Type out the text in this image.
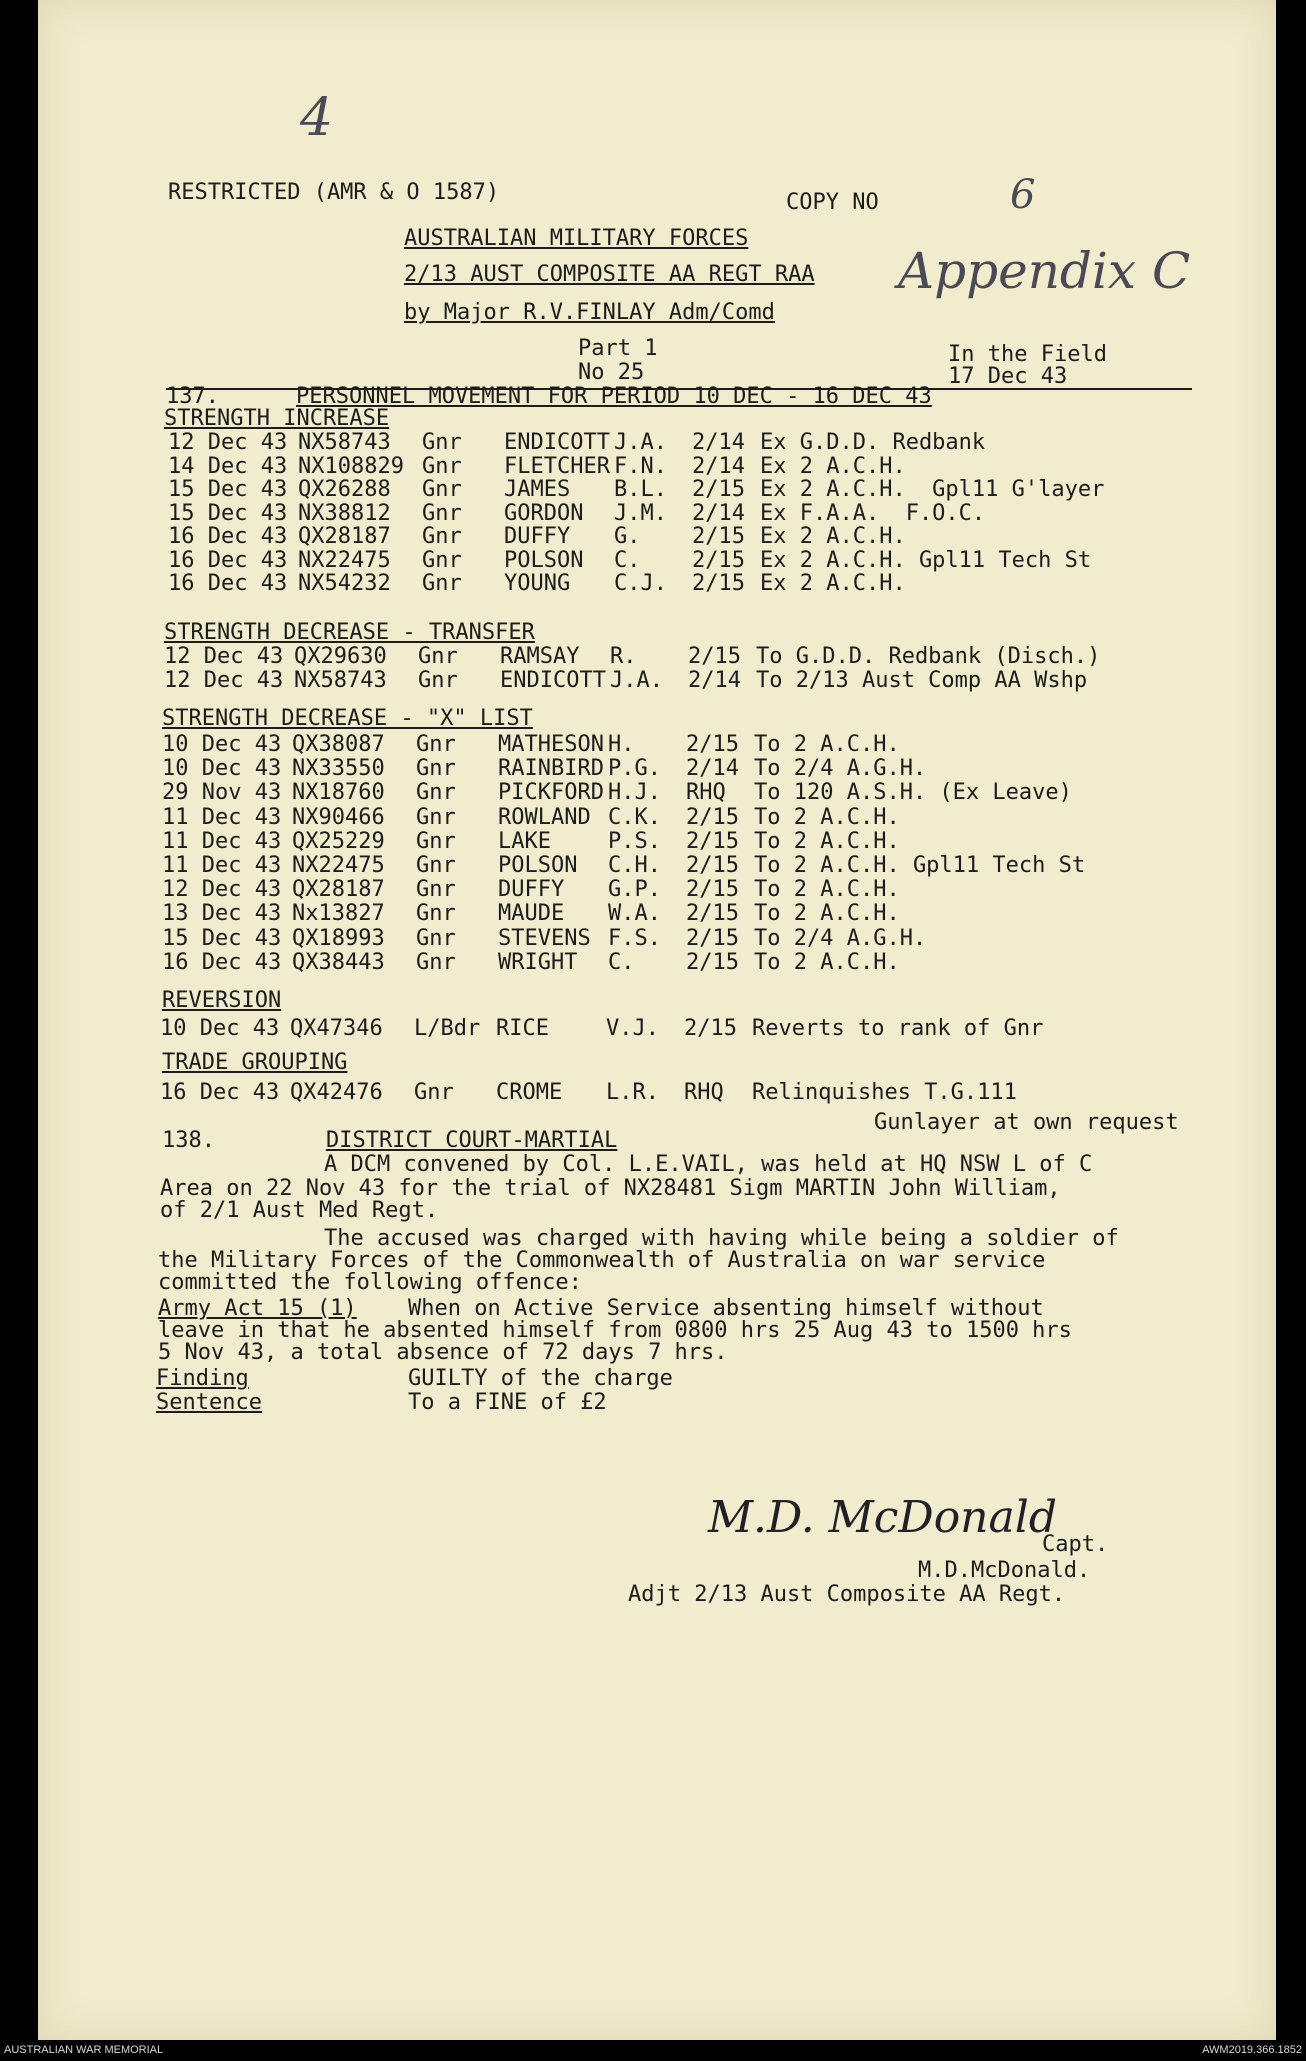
4
RESTRICTED (AMR & O 1587)	COPY NO	6
Appendix C
AUSTRALIAN MILITARY FORCES
2/13 AUST COMPOSITE AA REGT RAA
by Major R.V.FINLAY Adm/Comd
Part 1
No 25
In the Field
17 Dec 43
137.	PERSONNEL MOVEMENT FOR PERIOD 10 DEC - 16 DEC 43
STRENGTH INCREASE
12 Dec 43 NX58743 Gnr ENDICOTT J.A. 2/14 Ex G.D.D. Redbank
14 Dec 43 NX108829 Gnr FLETCHER F.N. 2/14 Ex 2 A.C.H.
15 Dec 43 QX26288 Gnr JAMES B.L. 2/15 Ex 2 A.C.H.  Gpl11 G'layer
15 Dec 43 NX38812 Gnr GORDON J.M. 2/14 Ex F.A.A.  F.O.C.
16 Dec 43 QX28187 Gnr DUFFY G. 2/15 Ex 2 A.C.H.
16 Dec 43 NX22475 Gnr POLSON C. 2/15 Ex 2 A.C.H. Gpl11 Tech St
16 Dec 43 NX54232 Gnr YOUNG C.J. 2/15 Ex 2 A.C.H.
STRENGTH DECREASE - TRANSFER
12 Dec 43 QX29630 Gnr RAMSAY R. 2/15 To G.D.D. Redbank (Disch.)
12 Dec 43 NX58743 Gnr ENDICOTT J.A. 2/14 To 2/13 Aust Comp AA Wshp
STRENGTH DECREASE - "X" LIST
10 Dec 43 QX38087 Gnr MATHESON H. 2/15 To 2 A.C.H.
10 Dec 43 NX33550 Gnr RAINBIRD P.G. 2/14 To 2/4 A.G.H.
29 Nov 43 NX18760 Gnr PICKFORD H.J. RHQ To 120 A.S.H. (Ex Leave)
11 Dec 43 NX90466 Gnr ROWLAND C.K. 2/15 To 2 A.C.H.
11 Dec 43 QX25229 Gnr LAKE	P.S. 2/15 To 2 A.C.H.
11 Dec 43 NX22475 Gnr POLSON C.H. 2/15 To 2 A.C.H. Gpl11 Tech St
12 Dec 43 QX28187 Gnr DUFFY G.P. 2/15 To 2 A.C.H.
13 Dec 43 Nx13827 Gnr MAUDE W.A. 2/15 To 2 A.C.H.
15 Dec 43 QX18993 Gnr STEVENS F.S. 2/15 To 2/4 A.G.H.
16 Dec 43 QX38443 Gnr WRIGHT C. 2/15 To 2 A.C.H.
REVERSION
10 Dec 43 QX47346 L/Bdr RICE	V.J. 2/15 Reverts to rank of Gnr
TRADE GROUPING
16 Dec 43 QX42476 Gnr CROME L.R. RHQ Relinquishes T.G.111
Gunlayer at own request
138.	DISTRICT COURT-MARTIAL
A DCM convened by Col. L.E.VAIL, was held at HQ NSW L of C
Area on 22 Nov 43 for the trial of NX28481 Sigm MARTIN John William,
of 2/1 Aust Med Regt.
The accused was charged with having while being a soldier of
the Military Forces of the Commonwealth of Australia on war service
committed the following offence:
Army Act 15 (1) When on Active Service absenting himself without
leave in that he absented himself from 0800 hrs 25 Aug 43 to 1500 hrs
5 Nov 43, a total absence of 72 days 7 hrs.
Finding	GUILTY of the charge
Sentence	To a FINE of £2
M.D. McDonald
Capt.
M.D.McDonald.
Adjt 2/13 Aust Composite AA Regt.
AUSTRALIAN WAR MEMORIAL	AWM2019.366.1852
